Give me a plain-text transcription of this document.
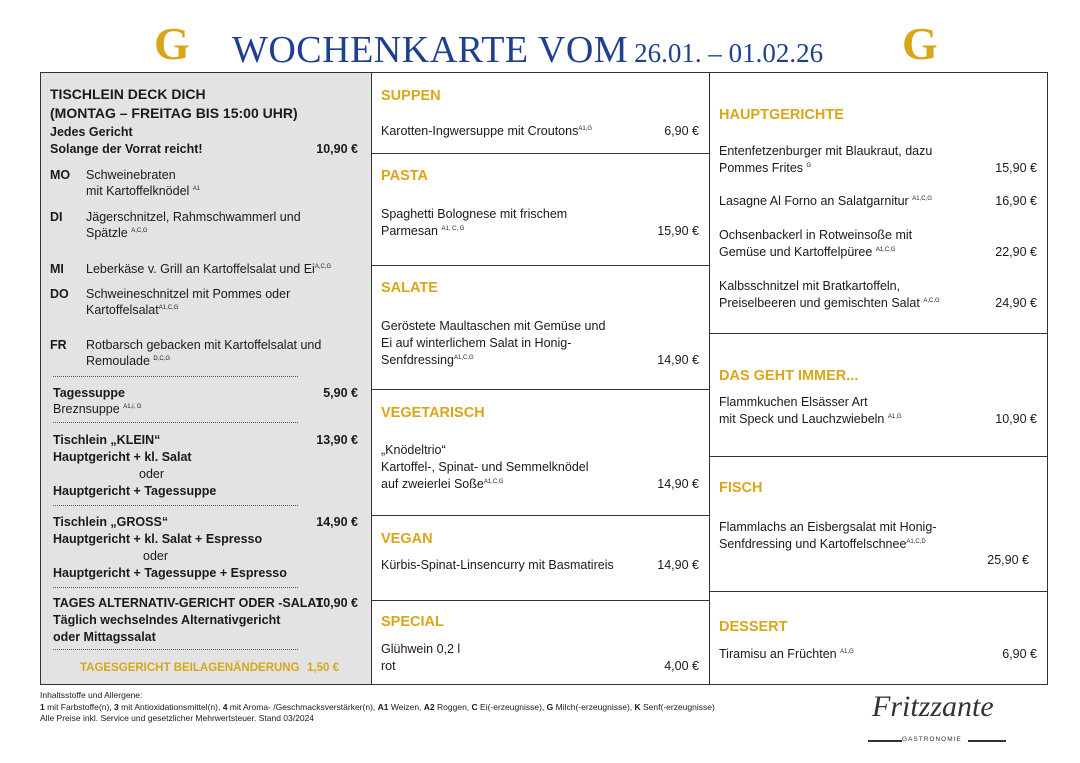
G WOCHENKARTE VOM 26.01. – 01.02.26 G
TISCHLEIN DECK DICH
(MONTAG – FREITAG BIS 15:00 UHR)
Jedes Gericht
Solange der Vorrat reicht!	10,90 €
MO Schweinebraten
mit Kartoffelknödel $^{A1}$
DI Jägerschnitzel, Rahmschwammerl und
Spätzle $^{A,C,G}$
MI Leberkäse v. Grill an Kartoffelsalat und $Ei^{A,C,G}$
DO Schweineschnitzel mit Pommes oder
Kartoffelsalat$^{A1,C,G}$
FR Rotbarsch gebacken mit Kartoffelsalat und
Remoulade $^{D,C,G}$
Tagessuppe	5,90 €
Breznsuppe $^{A1,i, G}$
Tischlein „KLEIN“	13,90 €
Hauptgericht + kl. Salat
oder
Hauptgericht + Tagessuppe
Tischlein „GROSS“	14,90 €
Hauptgericht + kl. Salat + Espresso
oder
Hauptgericht + Tagessuppe + Espresso
TAGES ALTERNATIV-GERICHT ODER -SALAT
10,90 €
Täglich wechselndes Alternativgericht
oder Mittagssalat
TAGESGERICHT BEILAGENÄNDERUNG 1,50 €
SUPPEN
Karotten-Ingwersuppe mit Croutons$^{A1,G}$	6,90 €
PASTA
Spaghetti Bolognese mit frischem
Parmesan $^{A1, C, G}$	15,90 €
SALATE
Geröstete Maultaschen mit Gemüse und
Ei auf winterlichem Salat in Honig-
Senfdressing$^{A1,C,G}$	14,90 €
VEGETARISCH
„Knödeltrio“
Kartoffel-, Spinat- und Semmelknödel
auf zweierlei Soße$^{A1,C,G}$	14,90 €
VEGAN
Kürbis-Spinat-Linsencurry mit Basmatireis	14,90 €
SPECIAL
Glühwein 0,2 l
rot	4,00 €
HAUPTGERICHTE
Entenfetzenburger mit Blaukraut, dazu
Pommes Frites $^G$	15,90 €
Lasagne Al Forno an Salatgarnitur $^{A1,C,G}$	16,90 €
Ochsenbackerl in Rotweinsoße mit
Gemüse und Kartoffelpüree $^{A1,C,G}$	22,90 €
Kalbsschnitzel mit Bratkartoffeln,
Preiselbeeren und gemischten Salat $^{A,C,G}$	24,90 €
DAS GEHT IMMER...
Flammkuchen Elsässer Art
mit Speck und Lauchzwiebeln $^{A1,G}$	10,90 €
FISCH
Flammlachs an Eisbergsalat mit Honig-
Senfdressing und Kartoffelschnee$^{A1,C,D}$
25,90 €
DESSERT
Tiramisu an Früchten $^{A1,G}$	6,90 €
Inhaltsstoffe und Allergene:
1 mit Farbstoffe(n), 3 mit Antioxidationsmittel(n), 4 mit Aroma- /Geschmacksverstärker(n), A1 Weizen, A2 Roggen, C Ei(-erzeugnisse), G Milch(-erzeugnisse), K Senf(-erzeugnisse)
Alle Preise inkl. Service und gesetzlicher Mehrwertsteuer. Stand 03/2024	Fritzzante
GASTRONOMIE
